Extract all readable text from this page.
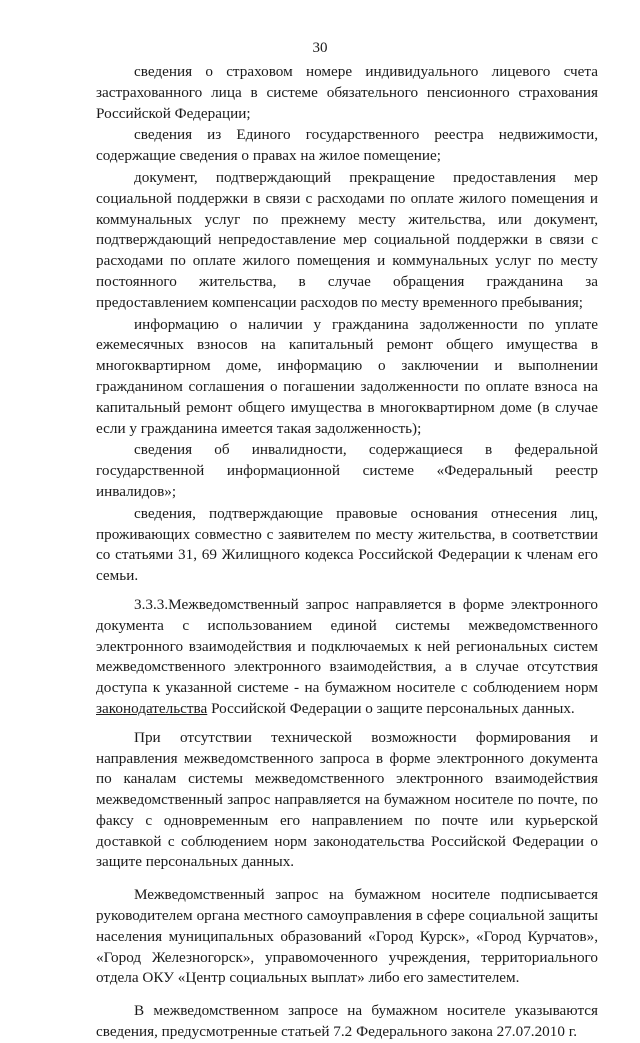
30

сведения о страховом номере индивидуального лицевого счета застрахованного лица в системе обязательного пенсионного страхования Российской Федерации;

сведения из Единого государственного реестра недвижимости, содержащие сведения о правах на жилое помещение;

документ, подтверждающий прекращение предоставления мер социальной поддержки в связи с расходами по оплате жилого помещения и коммунальных услуг по прежнему месту жительства, или документ, подтверждающий непредоставление мер социальной поддержки в связи с расходами по оплате жилого помещения и коммунальных услуг по месту постоянного жительства, в случае обращения гражданина за предоставлением компенсации расходов по месту временного пребывания;

информацию о наличии у гражданина задолженности по уплате ежемесячных взносов на капитальный ремонт общего имущества в многоквартирном доме, информацию о заключении и выполнении гражданином соглашения о погашении задолженности по оплате взноса на капитальный ремонт общего имущества в многоквартирном доме (в случае если у гражданина имеется такая задолженность);

сведения об инвалидности, содержащиеся в федеральной государственной информационной системе «Федеральный реестр инвалидов»;

сведения, подтверждающие правовые основания отнесения лиц, проживающих совместно с заявителем по месту жительства, в соответствии со статьями 31, 69 Жилищного кодекса Российской Федерации к членам его семьи.

3.3.3.Межведомственный запрос направляется в форме электронного документа с использованием единой системы межведомственного электронного взаимодействия и подключаемых к ней региональных систем межведомственного электронного взаимодействия, а в случае отсутствия доступа к указанной системе - на бумажном носителе с соблюдением норм законодательства Российской Федерации о защите персональных данных.

При отсутствии технической возможности формирования и направления межведомственного запроса в форме электронного документа по каналам системы межведомственного электронного взаимодействия межведомственный запрос направляется на бумажном носителе по почте, по факсу с одновременным его направлением по почте или курьерской доставкой с соблюдением норм законодательства Российской Федерации о защите персональных данных.

Межведомственный запрос на бумажном носителе подписывается руководителем органа местного самоуправления в сфере социальной защиты населения муниципальных образований «Город Курск», «Город Курчатов», «Город Железногорск», управомоченного учреждения, территориального отдела ОКУ «Центр социальных выплат» либо его заместителем.

В межведомственном запросе на бумажном носителе указываются сведения, предусмотренные статьей 7.2 Федерального закона 27.07.2010 г.
